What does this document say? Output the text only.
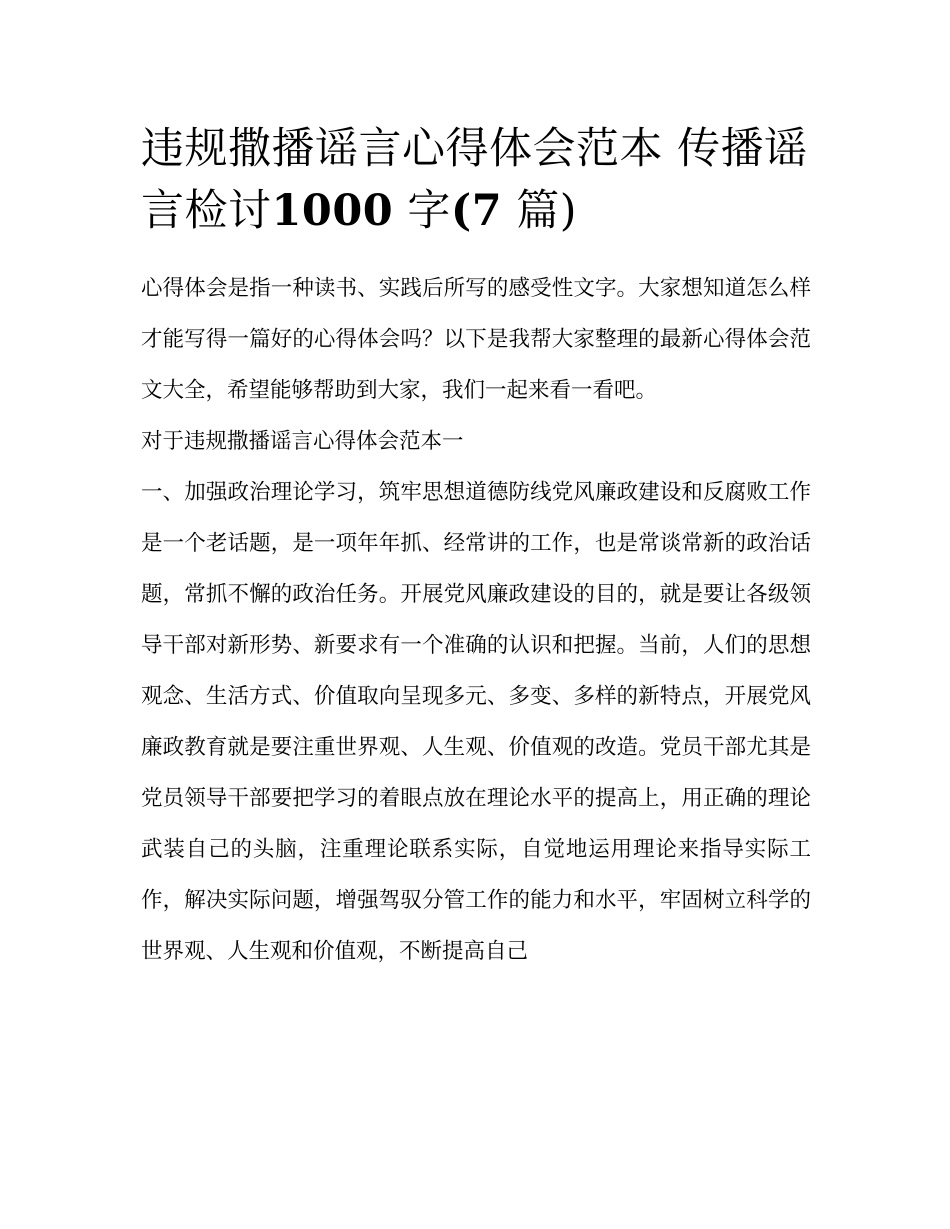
违规撒播谣言心得体会范本 传播谣言检讨1000 字(7 篇)

心得体会是指一种读书、实践后所写的感受性文字。大家想知道怎么样才能写得一篇好的心得体会吗？以下是我帮大家整理的最新心得体会范文大全，希望能够帮助到大家，我们一起来看一看吧。

对于违规撒播谣言心得体会范本一

一、加强政治理论学习，筑牢思想道德防线党风廉政建设和反腐败工作是一个老话题，是一项年年抓、经常讲的工作，也是常谈常新的政治话题，常抓不懈的政治任务。开展党风廉政建设的目的，就是要让各级领导干部对新形势、新要求有一个准确的认识和把握。当前，人们的思想观念、生活方式、价值取向呈现多元、多变、多样的新特点，开展党风廉政教育就是要注重世界观、人生观、价值观的改造。党员干部尤其是党员领导干部要把学习的着眼点放在理论水平的提高上，用正确的理论武装自己的头脑，注重理论联系实际，自觉地运用理论来指导实际工作，解决实际问题，增强驾驭分管工作的能力和水平，牢固树立科学的世界观、人生观和价值观，不断提高自己
